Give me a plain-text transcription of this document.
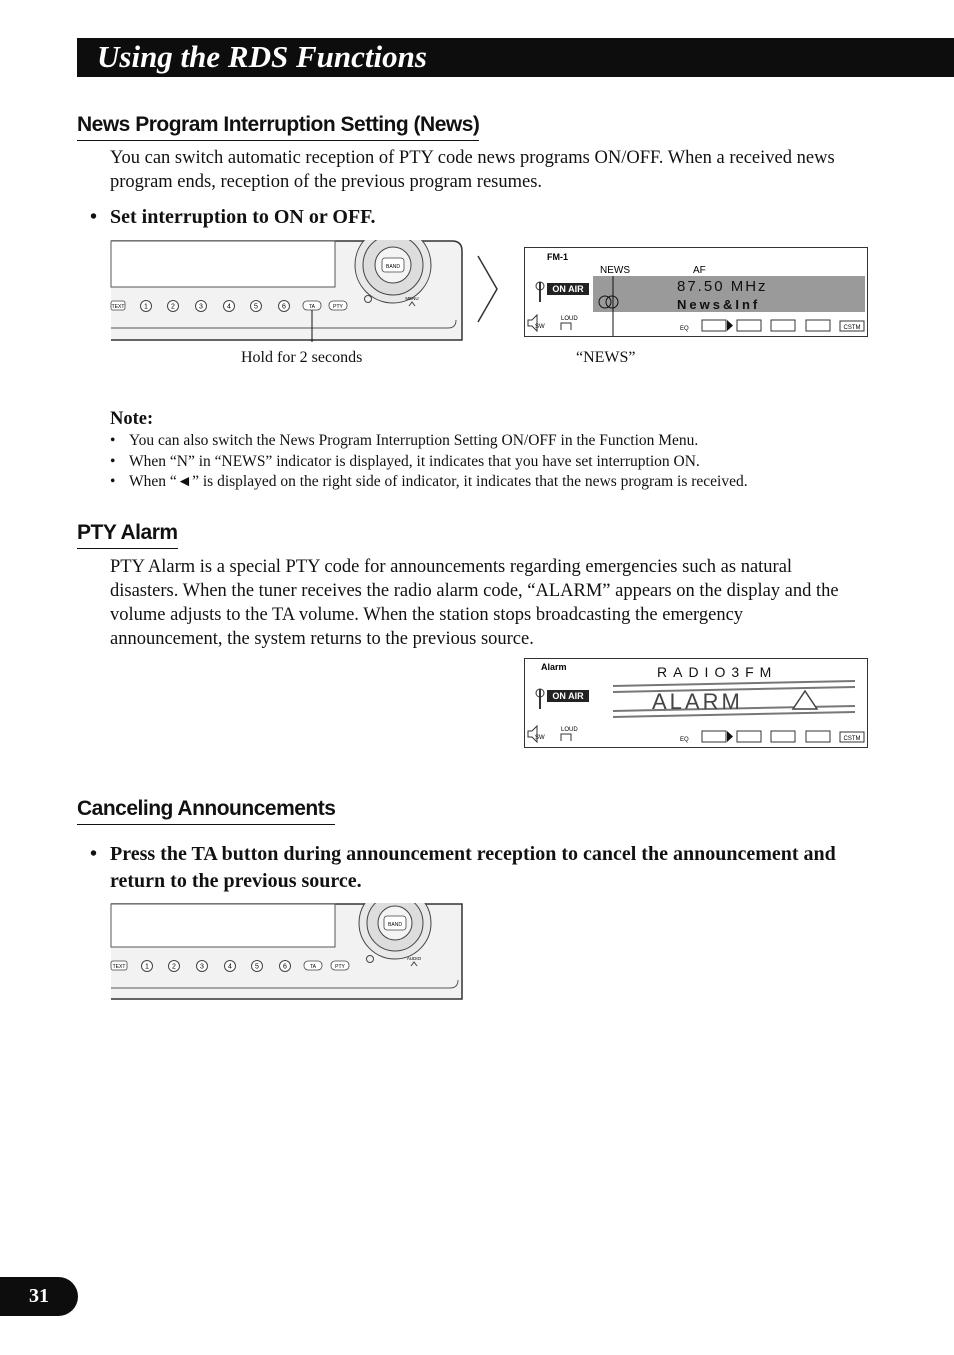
Using the RDS Functions
News Program Interruption Setting (News)
You can switch automatic reception of PTY code news programs ON/OFF. When a received news program ends, reception of the previous program resumes.
• Set interruption to ON or OFF.
BAND
MENU
TEXT	1	2	3	4	5	6	TA	PTY
FM-1
NEWS	AF
ON AIR	87.50 MHz
News&Inf
SW
LOUD
EQ	CSTM
Hold for 2 seconds	“NEWS”
Note:
• You can also switch the News Program Interruption Setting ON/OFF in the Function Menu.
• When “N” in “NEWS” indicator is displayed, it indicates that you have set interruption ON.
• When “◄” is displayed on the right side of indicator, it indicates that the news program is received.
PTY Alarm
PTY Alarm is a special PTY code for announcements regarding emergencies such as natural disasters. When the tuner receives the radio alarm code, “ALARM” appears on the display and the volume adjusts to the TA volume. When the station stops broadcasting the emergency announcement, the system returns to the previous source.
Alarm	RADIO3FM
ALARM
ON AIR
SW
LOUD
EQ	CSTM
Canceling Announcements
• Press the TA button during announcement reception to cancel the announcement and return to the previous source.
BAND
AUDIO
TEXT	1	2	3	4	5	6	TA	PTY
31
